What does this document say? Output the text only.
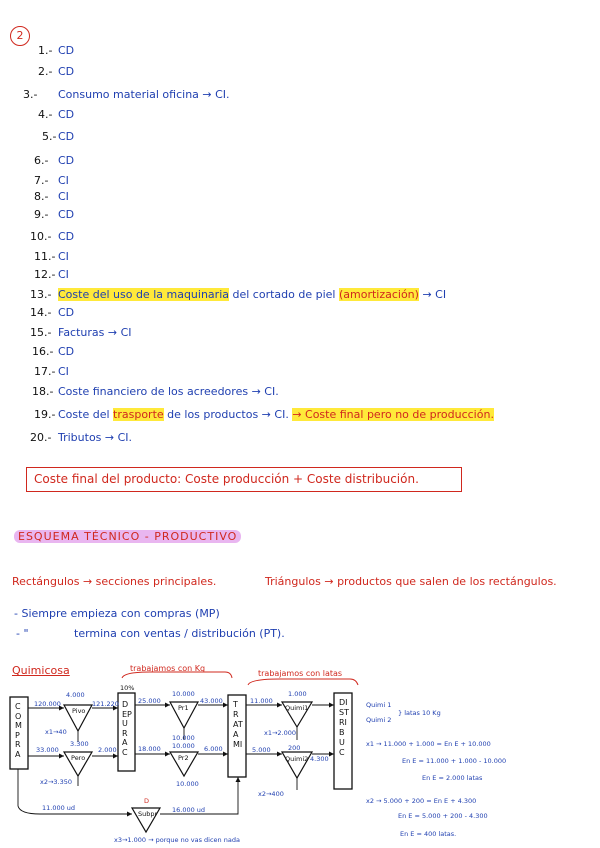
2
1.- CD
2.- CD
3.- Consumo material oficina → CI.
4.- CD
5.- CD
6.- CD
7.- CI
8.- CI
9.- CD
10.- CD
11.- CI
12.- CI
13.- Coste del uso de la maquinaria del cortado de piel (amortización) → CI
14.- CD
15.- Facturas → CI
16.- CD
17.- CI
18.- Coste financiero de los acreedores → CI.
19.- Coste del trasporte de los productos → CI. → Coste final pero no de producción.
20.- Tributos → CI.
Coste final del producto: Coste producción + Coste distribución.
ESQUEMA TÉCNICO - PRODUCTIVO
Rectángulos → secciones principales.	Triángulos → productos que salen de los rectángulos.
- Siempre empieza con compras (MP)
- "	termina con ventas / distribución (PT).
Quimicosa	trabajamos con Kg
trabajamos con latas
COMPRA
DEPURAC
TRATAMI
DISTRIBUC
10%
Pivo
Pero
Pr1
Pr2
Quimi1
Quimi2
Subpr
120.000
4.000
121.220
x1→40
33.000
3.300
2.000
x2→3.350
25.000
10.000
43.000
10.000
18.000 10.000 6.000
10.000
11.000
1.000
x1→2.000
5.000	200
4.300
x2→400
11.000 ud
D
16.000 ud
x3→1.000 → porque no vas dicen nada
Quimi 1
Quimi 2
} latas 10 Kg
x1 → 11.000 + 1.000 = En E + 10.000
En E = 11.000 + 1.000 - 10.000
En E = 2.000 latas
x2 → 5.000 + 200 = En E + 4.300
En E = 5.000 + 200 - 4.300
En E = 400 latas.
